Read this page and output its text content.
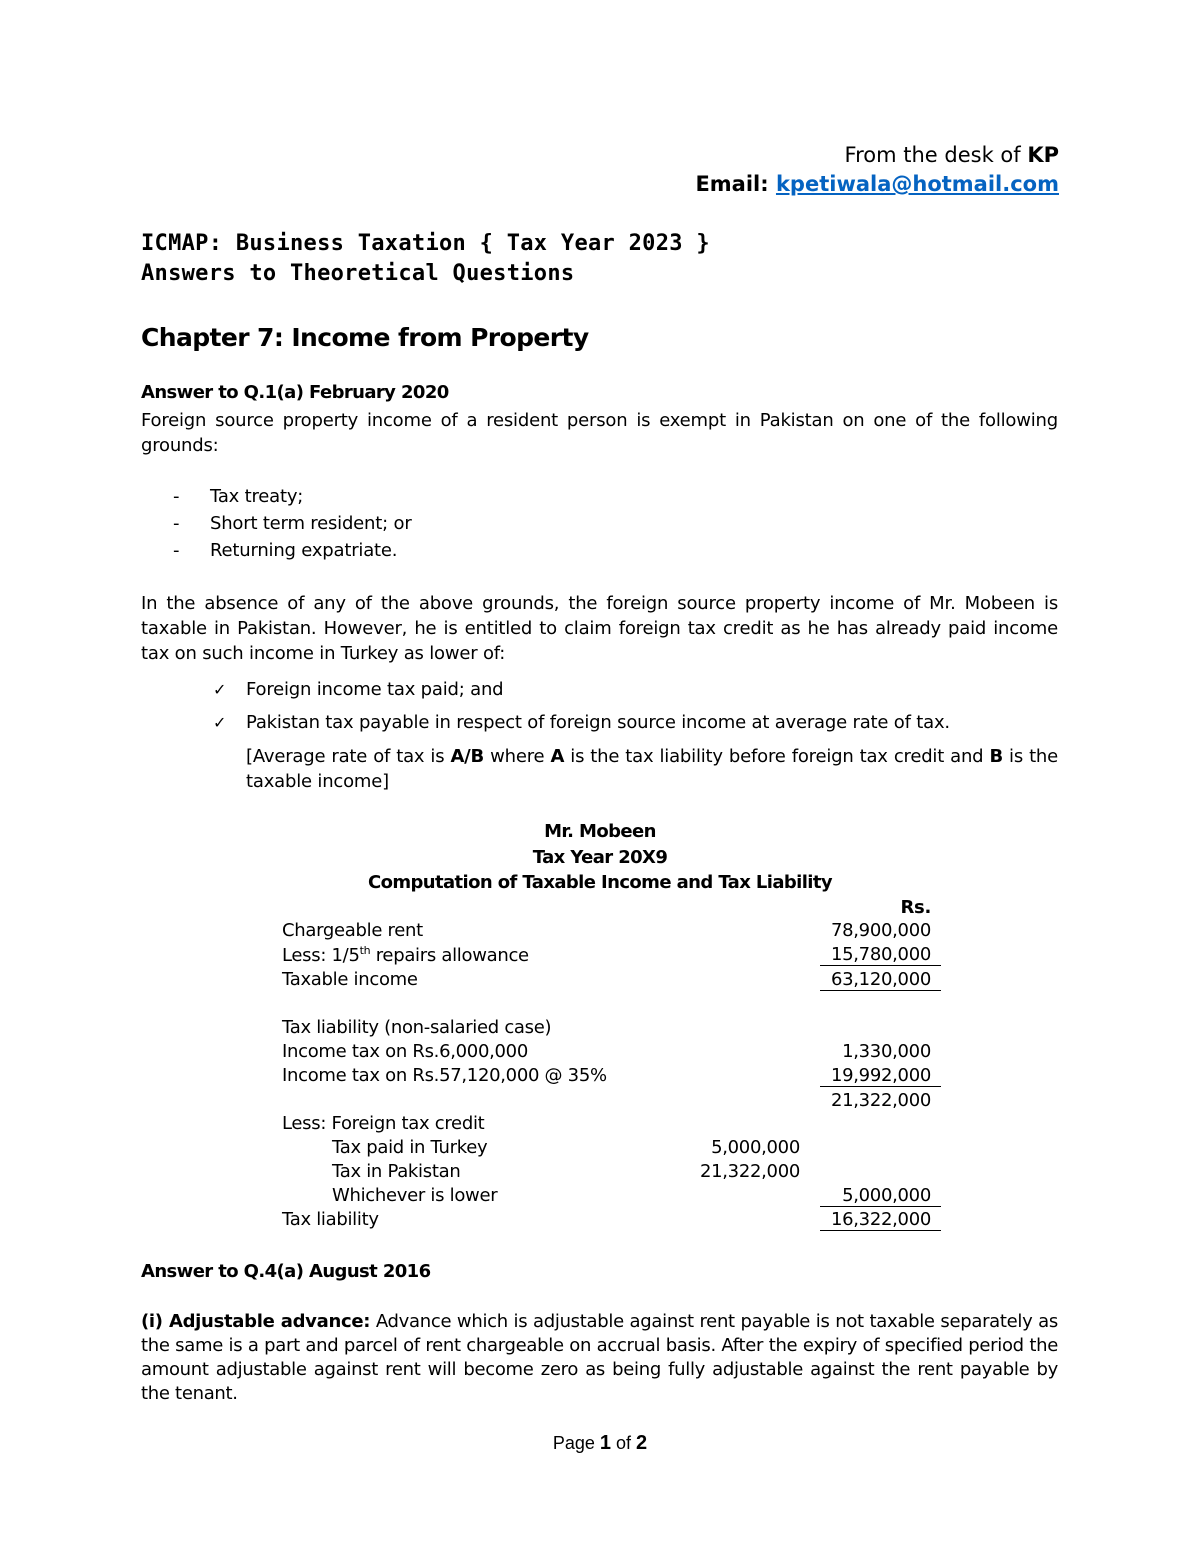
From the desk of KP
Email: kpetiwala@hotmail.com
ICMAP: Business Taxation { Tax Year 2023 }
Answers to Theoretical Questions
Chapter 7: Income from Property
Answer to Q.1(a) February 2020
Foreign source property income of a resident person is exempt in Pakistan on one of the following grounds:
- Tax treaty;
- Short term resident; or
- Returning expatriate.
In the absence of any of the above grounds, the foreign source property income of Mr. Mobeen is taxable in Pakistan. However, he is entitled to claim foreign tax credit as he has already paid income tax on such income in Turkey as lower of:
✓ Foreign income tax paid; and
✓ Pakistan tax payable in respect of foreign source income at average rate of tax.
[Average rate of tax is A/B where A is the tax liability before foreign tax credit and B is the
taxable income]
Mr. Mobeen
Tax Year 20X9
Computation of Taxable Income and Tax Liability
Rs.
Chargeable rent	78,900,000
Less: 1/5th repairs allowance	15,780,000
Taxable income	63,120,000
Tax liability (non-salaried case)
Income tax on Rs.6,000,000	1,330,000
Income tax on Rs.57,120,000 @ 35%	19,992,000
21,322,000
Less: Foreign tax credit
Tax paid in Turkey	5,000,000
Tax in Pakistan	21,322,000
Whichever is lower	5,000,000
Tax liability	16,322,000
Answer to Q.4(a) August 2016
(i) Adjustable advance: Advance which is adjustable against rent payable is not taxable separately as the same is a part and parcel of rent chargeable on accrual basis. After the expiry of specified period the amount adjustable against rent will become zero as being fully adjustable against the rent payable by the tenant.
Page 1 of 2
